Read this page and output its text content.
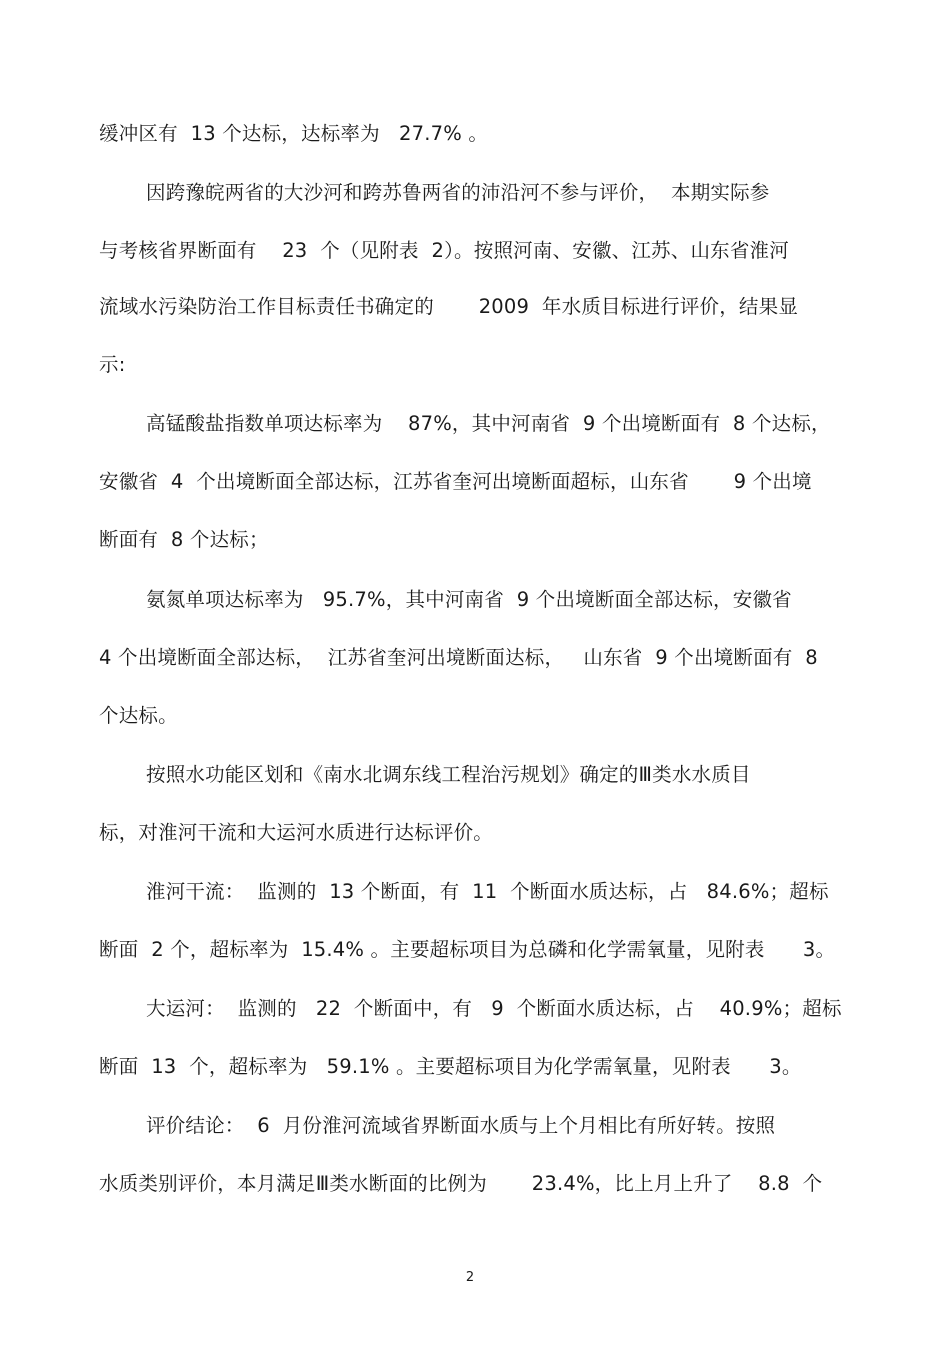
缓冲区有  13 个达标，达标率为   27.7% 。
因跨豫皖两省的大沙河和跨苏鲁两省的沛沿河不参与评价，  本期实际参
与考核省界断面有    23  个（见附表  2）。按照河南、安徽、江苏、山东省淮河
流域水污染防治工作目标责任书确定的       2009  年水质目标进行评价，结果显
示:
高锰酸盐指数单项达标率为    87%，其中河南省  9 个出境断面有  8 个达标，
安徽省  4  个出境断面全部达标，江苏省奎河出境断面超标，山东省       9 个出境
断面有  8 个达标；
氨氮单项达标率为   95.7%，其中河南省  9 个出境断面全部达标，安徽省
4 个出境断面全部达标，  江苏省奎河出境断面达标，   山东省  9 个出境断面有  8
个达标。
按照水功能区划和《南水北调东线工程治污规划》确定的Ⅲ类水水质目
标，对淮河干流和大运河水质进行达标评价。
淮河干流：  监测的  13 个断面，有  11  个断面水质达标，占   84.6%；超标
断面  2 个，超标率为  15.4% 。主要超标项目为总磷和化学需氧量，见附表      3。
大运河：  监测的   22  个断面中，有   9  个断面水质达标，占    40.9%；超标
断面  13  个，超标率为   59.1% 。主要超标项目为化学需氧量，见附表      3。
评价结论：  6  月份淮河流域省界断面水质与上个月相比有所好转。按照
水质类别评价，本月满足Ⅲ类水断面的比例为       23.4%，比上月上升了    8.8  个
2
